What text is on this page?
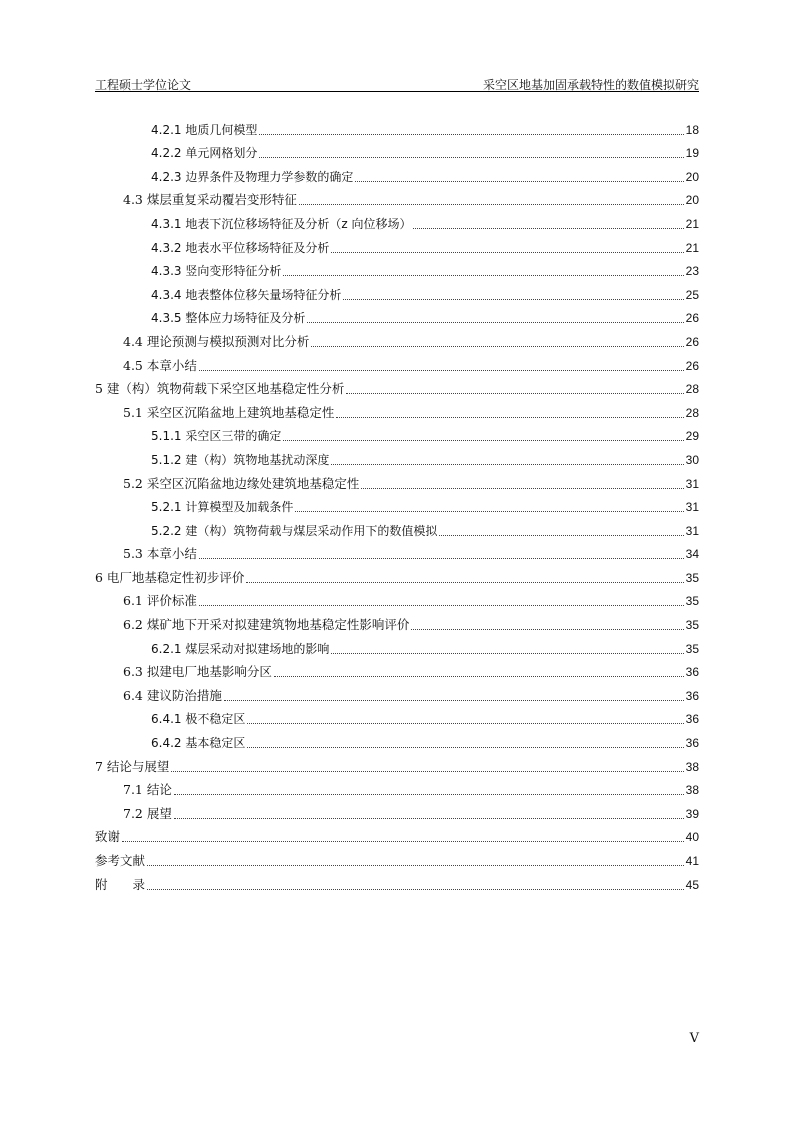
工程硕士学位论文	采空区地基加固承载特性的数值模拟研究
4.2.1 地质几何模型	18
4.2.2 单元网格划分	19
4.2.3 边界条件及物理力学参数的确定	20
4.3 煤层重复采动覆岩变形特征	20
4.3.1 地表下沉位移场特征及分析（z 向位移场）	21
4.3.2 地表水平位移场特征及分析	21
4.3.3 竖向变形特征分析	23
4.3.4 地表整体位移矢量场特征分析	25
4.3.5 整体应力场特征及分析	26
4.4 理论预测与模拟预测对比分析	26
4.5 本章小结	26
5 建（构）筑物荷载下采空区地基稳定性分析	28
5.1 采空区沉陷盆地上建筑地基稳定性	28
5.1.1 采空区三带的确定	29
5.1.2 建（构）筑物地基扰动深度	30
5.2 采空区沉陷盆地边缘处建筑地基稳定性	31
5.2.1 计算模型及加载条件	31
5.2.2 建（构）筑物荷载与煤层采动作用下的数值模拟	31
5.3 本章小结	34
6 电厂地基稳定性初步评价	35
6.1 评价标准	35
6.2 煤矿地下开采对拟建建筑物地基稳定性影响评价	35
6.2.1 煤层采动对拟建场地的影响	35
6.3 拟建电厂地基影响分区	36
6.4 建议防治措施	36
6.4.1 极不稳定区	36
6.4.2 基本稳定区	36
7 结论与展望	38
7.1 结论	38
7.2 展望	39
致谢	40
参考文献	41
附　　录	45
V
